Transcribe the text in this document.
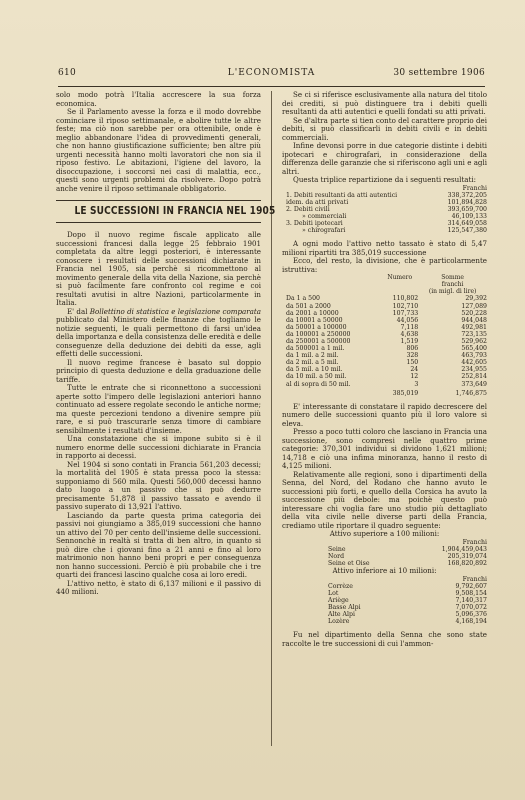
610	L'ECONOMISTA	30 settembre 1906

solo modo potrà l'Italia accrescere la sua forza economica.

Se il Parlamento avesse la forza e il modo dovrebbe cominciare il riposo settimanale, e abolire tutte le altre feste; ma ciò non sarebbe per ora ottenibile, onde è meglio abbandonare l'idea di provvedimenti generali, che non hanno giustificazione sufficiente; ben altre più urgenti necessità hanno molti lavoratori che non sia il riposo festivo. Le abitazioni, l'igiene del lavoro, la disoccupazione, i soccorsi nei casi di malattia, ecc., questi sono urgenti problemi da risolvere. Dopo potrà anche venire il riposo settimanale obbligatorio.

LE SUCCESSIONI IN FRANCIA NEL 1905

Dopo il nuovo regime fiscale applicato alle successioni francesi dalla legge 25 febbraio 1901 completata da altre leggi posteriori, è interessante conoscere i resultati delle successioni dichiarate in Francia nel 1905, sia perchè si ricommettono al movimento generale della vita della Nazione, sia perchè si può facilmente fare confronto col regime e coi resultati avutisi in altre Nazioni, particolarmente in Italia.

E' dal Bollettino di statistica e legislazione comparata pubblicato dal Ministero delle finanze che togliamo le notizie seguenti, le quali permettono di farsi un'idea della importanza e della consistenza delle eredità e delle conseguenze della deduzione dei debiti da esse, agli effetti delle successioni.

Il nuovo regime francese è basato sul doppio principio di questa deduzione e della graduazione delle tariffe.

Tutte le entrate che si riconnettono a successioni aperte sotto l'impero delle legislazioni anteriori hanno continuato ad essere regolate secondo le antiche norme; ma queste percezioni tendono a divenire sempre più rare, e si può trascurarle senza timore di cambiare sensibilmente i resultati d'insieme.

Una constatazione che si impone subito si è il numero enorme delle successioni dichiarate in Francia in rapporto ai decessi.

Nel 1904 si sono contati in Francia 561,203 decessi; la mortalità del 1905 è stata pressa poco la stessa: supponiamo di 560 mila. Questi 560,000 decessi hanno dato luogo a un passivo che si può dedurre precisamente 51,878 il passivo tassato e avendo il passivo superato di 13,921 l'attivo.

Lasciando da parte questa prima categoria dei passivi noi giungiamo a 385,019 successioni che hanno un attivo del 70 per cento dell'insieme delle successioni. Sennonchè in realtà si tratta di ben altro, in quanto si può dire che i giovani fino a 21 anni e fino al loro matrimonio non hanno beni propri e per conseguenza non hanno successioni. Perciò è più probabile che i tre quarti dei francesi lascino qualche cosa ai loro eredi.

L'attivo netto, è stato di 6,137 milioni e il passivo di 440 milioni.

Se ci si riferisce esclusivamente alla natura del titolo dei crediti, si può distinguere tra i debiti quelli resultanti da atti autentici e quelli fondati su atti privati.

Se d'altra parte si tien conto del carattere proprio dei debiti, si può classificarli in debiti civili e in debiti commerciali.

Infine devonsi porre in due categorie distinte i debiti ipotecari e chirografari, in considerazione della differenza delle garanzie che si riferiscono agli uni e agli altri.

Questa triplice repartizione da i seguenti resultati:

	Franchi
1. Debiti resultanti da atti autentici	338,372,205
idem. da atti privati	101,894,828
2. Debiti civili	393,659,700
» commerciali	46,109,133
3. Debiti ipotecari	314,649,058
» chirografari	125,547,380

A ogni modo l'attivo netto tassato è stato di 5,47 milioni ripartiti tra 385,019 successione

Ecco, del resto, la divisione, che è particolarmente istruttiva:

	Numero	Somme
		franchi
		(in migl. di lire)
Da 1 a 500	110,802	29,392
da 501 a 2000	102,710	127,089
da 2001 a 10000	107,733	520,228
da 10001 a 50000	44,056	944,048
da 50001 a 100000	7,118	492,981
da 100001 a 250000	4,638	723,135
da 250001 a 500000	1,519	529,962
da 500001 a 1 mil.	806	565,400
da 1 mil. a 2 mil.	328	463,793
da 2 mil. a 5 mil.	150	442,605
da 5 mil. a 10 mil.	24	234,955
da 10 mil. a 50 mil.	12	252,814
al di sopra di 50 mil.	3	373,649
	385,019	1,746,875

E' interessante di constatare il rapido decrescere del numero delle successioni quanto più il loro valore si eleva.

Presso a poco tutti coloro che lasciano in Francia una successione, sono compresi nelle quattro prime categorie: 370,301 individui si dividono 1,621 milioni; 14,718 e ciò una infima minoranza, hanno il resto di 4,125 milioni.

Relativamente alle regioni, sono i dipartimenti della Senna, del Nord, del Rodano che hanno avuto le successioni più forti, e quello della Corsica ha avuto la successione più debole: ma poichè questo può interessare chi voglia fare uno studio più dettagliato della vita civile nelle diverse parti della Francia, crediamo utile riportare il quadro seguente:

Attivo superiore a 100 milioni:

	Franchi
Seine	1,904,459,043
Nord	205,319,074
Seine et Oise	168,820,892

Attivo inferiore ai 10 milioni:

	Franchi
Corrèze	9,792,607
Lot	9,508,154
Ariège	7,140,317
Basse Alpi	7,070,072
Alte Alpi	5,096,376
Lozère	4,168,194

Fu nel dipartimento della Senna che sono state raccolte le tre successioni di cui l'ammon-
